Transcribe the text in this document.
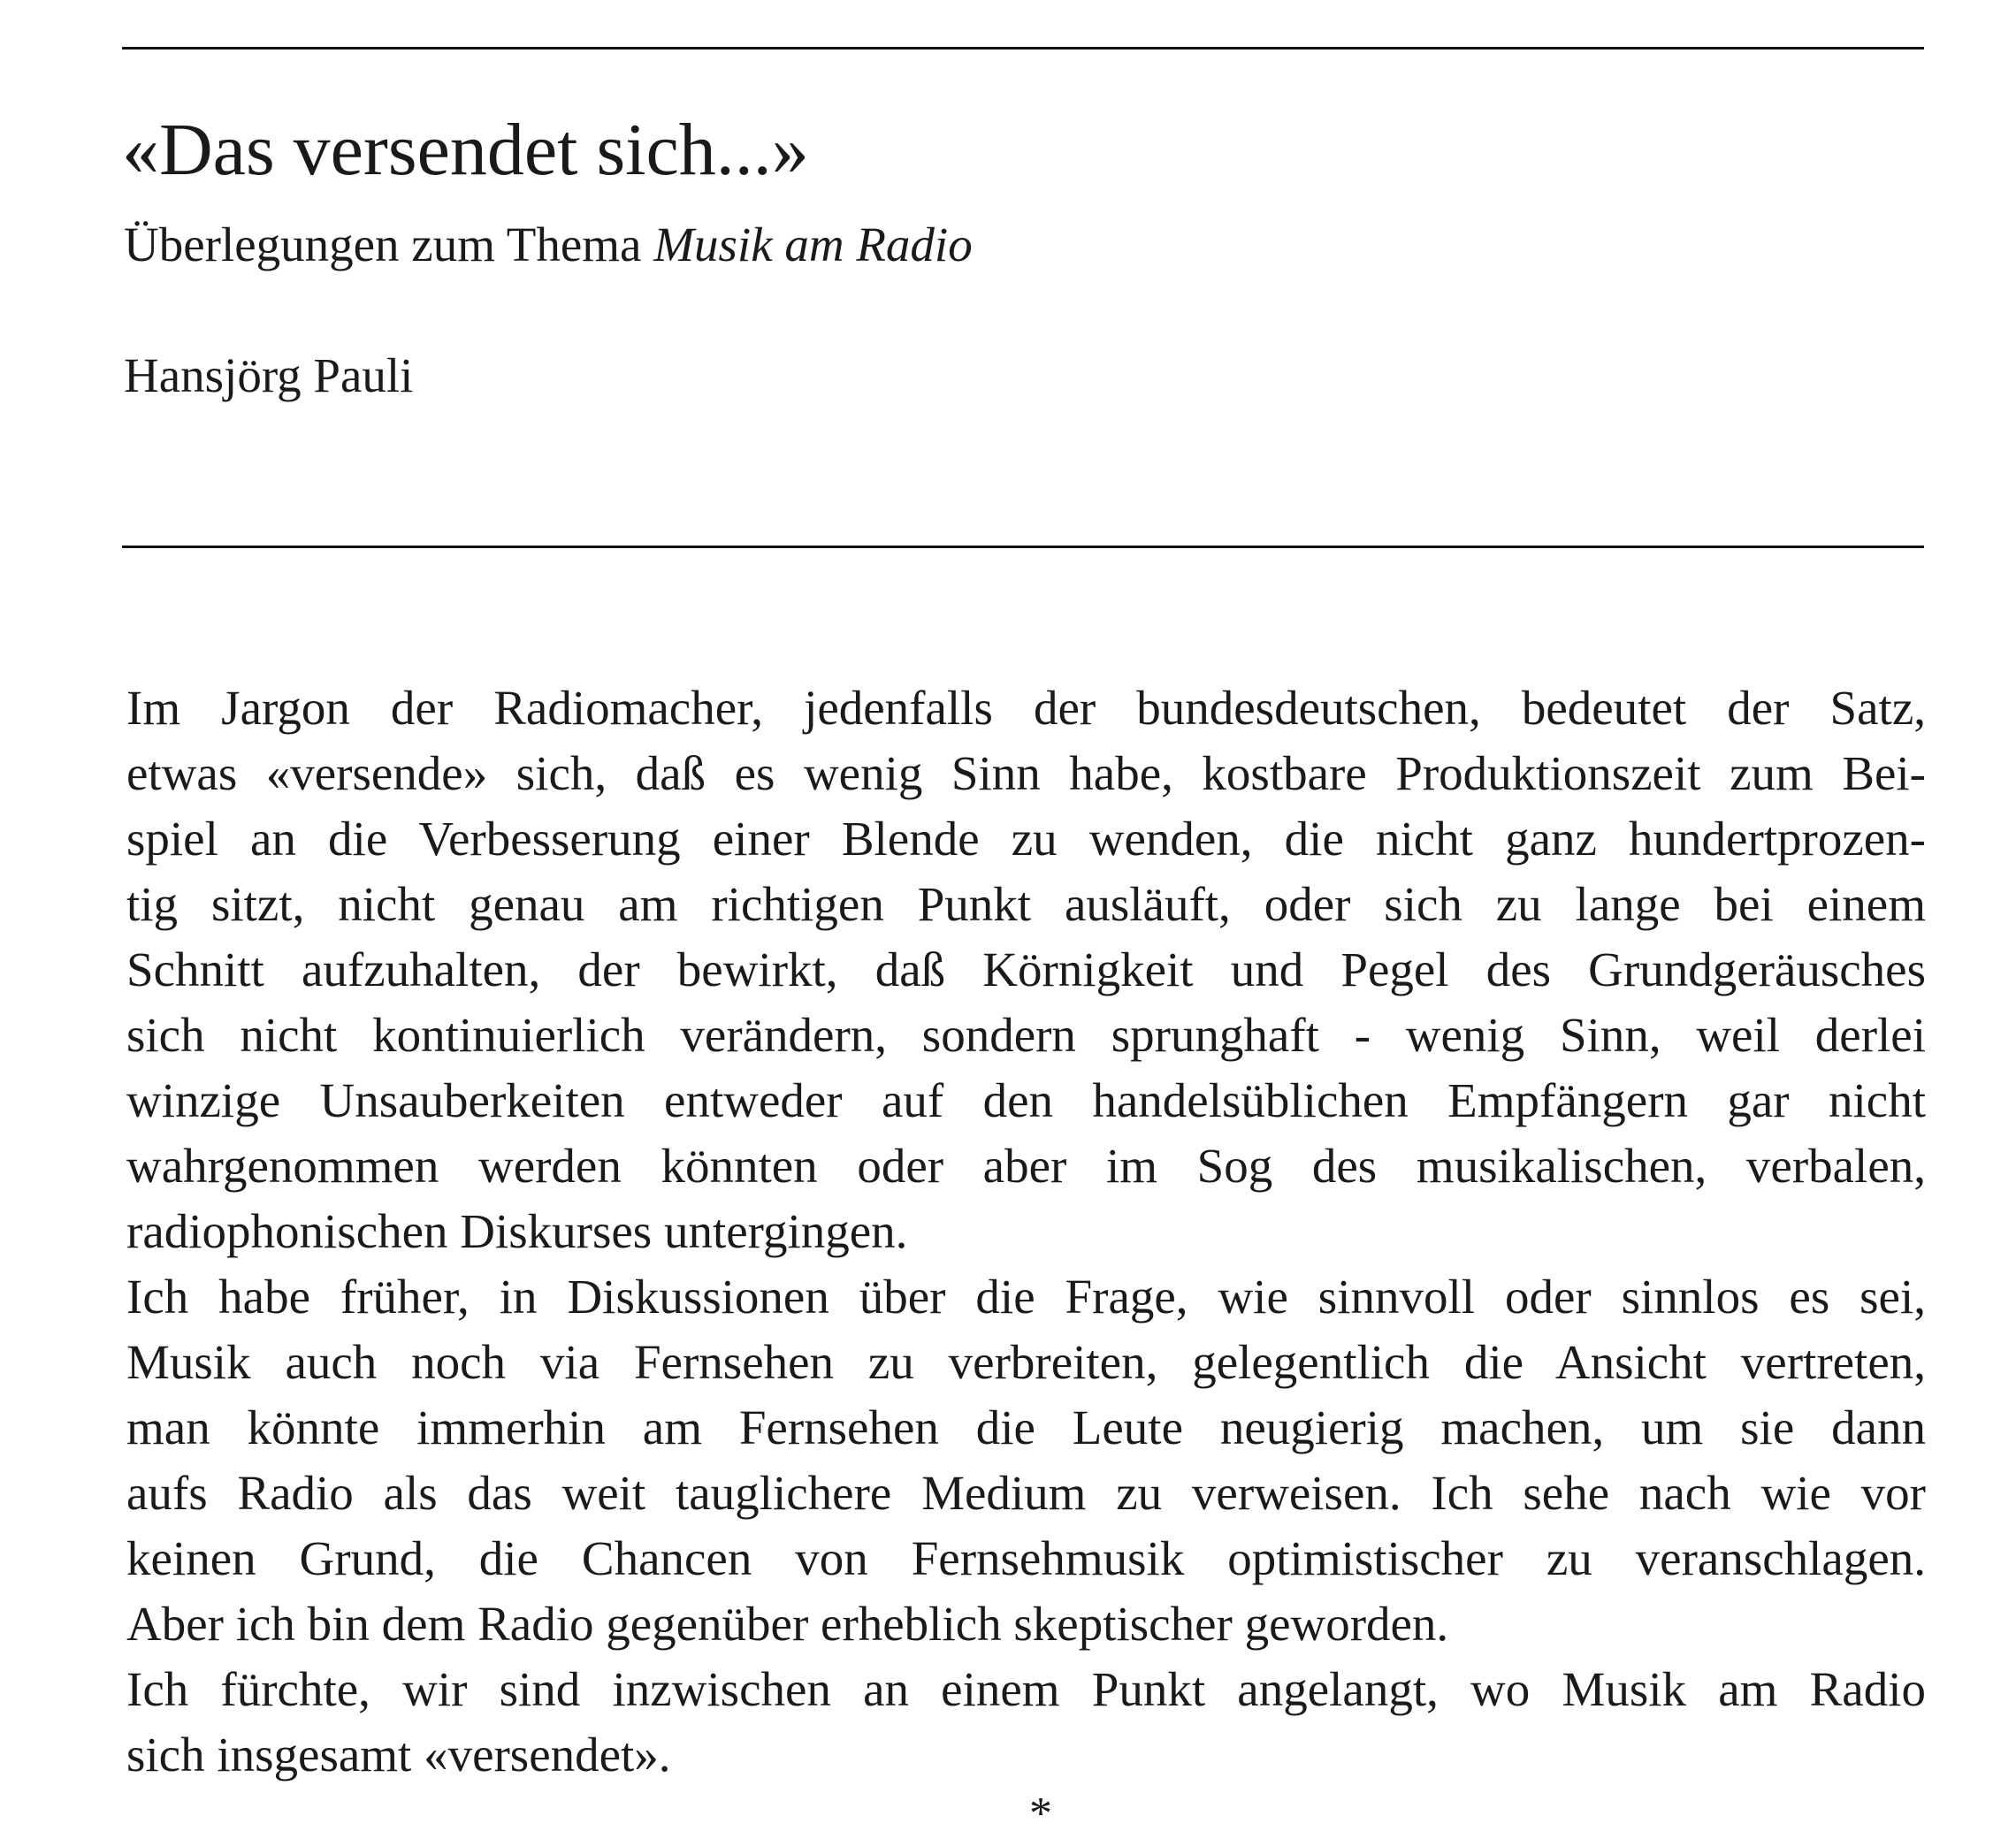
«Das versendet sich...»

Überlegungen zum Thema Musik am Radio

Hansjörg Pauli

Im Jargon der Radiomacher, jedenfalls der bundesdeutschen, bedeutet der Satz,
etwas «versende» sich, daß es wenig Sinn habe, kostbare Produktionszeit zum Bei-
spiel an die Verbesserung einer Blende zu wenden, die nicht ganz hundertprozen-
tig sitzt, nicht genau am richtigen Punkt ausläuft, oder sich zu lange bei einem
Schnitt aufzuhalten, der bewirkt, daß Körnigkeit und Pegel des Grundgeräusches
sich nicht kontinuierlich verändern, sondern sprunghaft - wenig Sinn, weil derlei
winzige Unsauberkeiten entweder auf den handelsüblichen Empfängern gar nicht
wahrgenommen werden könnten oder aber im Sog des musikalischen, verbalen,
radiophonischen Diskurses untergingen.
Ich habe früher, in Diskussionen über die Frage, wie sinnvoll oder sinnlos es sei,
Musik auch noch via Fernsehen zu verbreiten, gelegentlich die Ansicht vertreten,
man könnte immerhin am Fernsehen die Leute neugierig machen, um sie dann
aufs Radio als das weit tauglichere Medium zu verweisen. Ich sehe nach wie vor
keinen Grund, die Chancen von Fernsehmusik optimistischer zu veranschlagen.
Aber ich bin dem Radio gegenüber erheblich skeptischer geworden.
Ich fürchte, wir sind inzwischen an einem Punkt angelangt, wo Musik am Radio
sich insgesamt «versendet».
*
